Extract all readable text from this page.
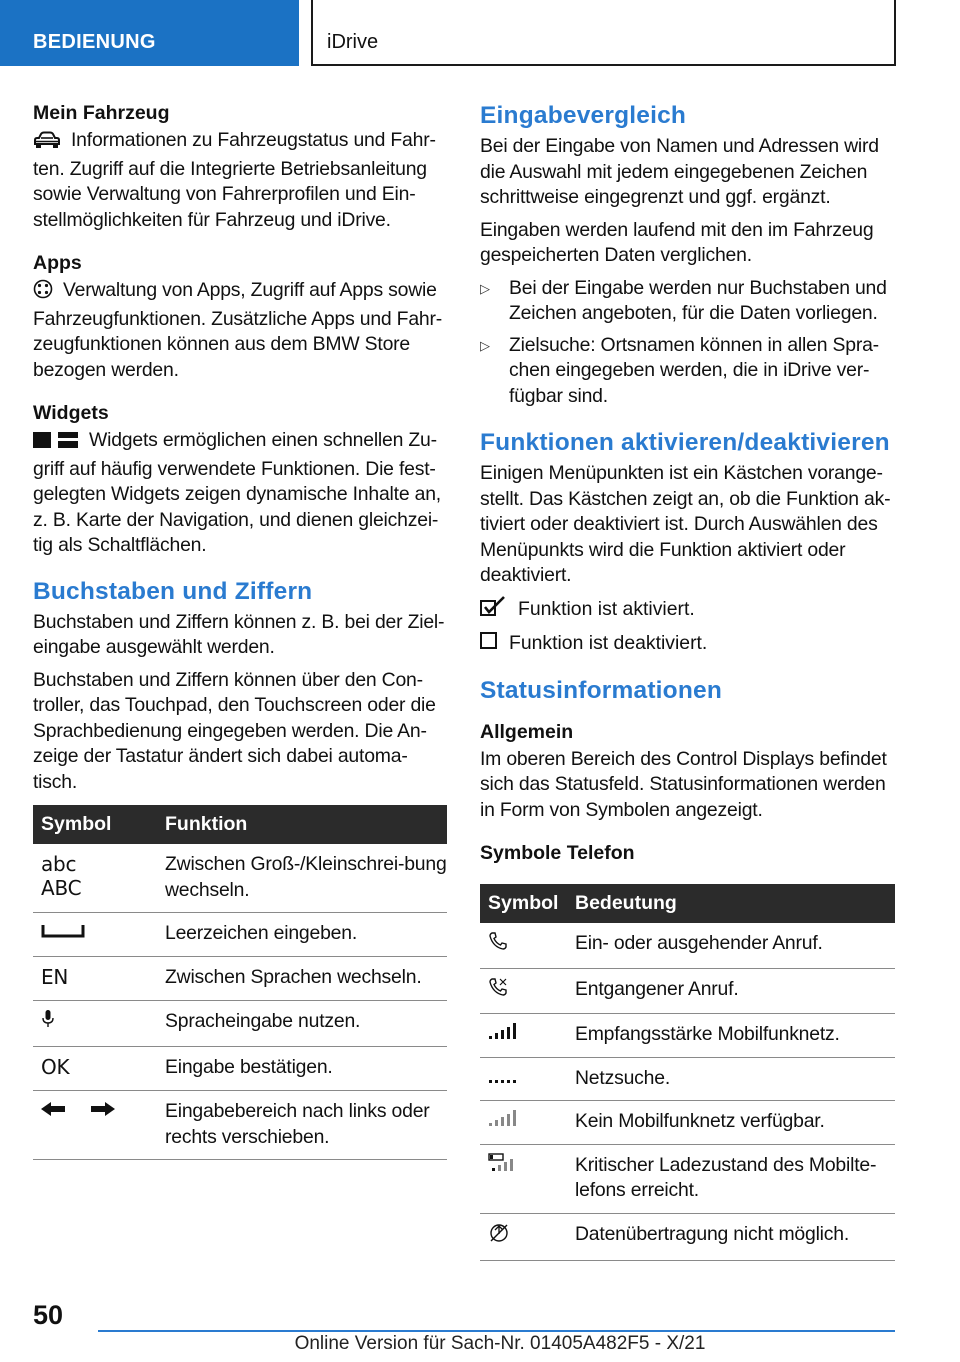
BEDIENUNG	iDrive
Mein Fahrzeug

Informationen zu Fahrzeugstatus und Fahr-ten. Zugriff auf die Integrierte Betriebsanleitung sowie Verwaltung von Fahrerprofilen und Ein-stellmöglichkeiten für Fahrzeug und iDrive.

Apps

Verwaltung von Apps, Zugriff auf Apps sowie Fahrzeugfunktionen. Zusätzliche Apps und Fahr-zeugfunktionen können aus dem BMW Store bezogen werden.

Widgets

Widgets ermöglichen einen schnellen Zu-griff auf häufig verwendete Funktionen. Die fest-gelegten Widgets zeigen dynamische Inhalte an, z. B. Karte der Navigation, und dienen gleichzei-tig als Schaltflächen.

Buchstaben und Ziffern

Buchstaben und Ziffern können z. B. bei der Ziel-eingabe ausgewählt werden.

Buchstaben und Ziffern können über den Con-troller, das Touchpad, den Touchscreen oder die Sprachbedienung eingegeben werden. Die An-zeige der Tastatur ändert sich dabei automa-tisch.

Symbol	Funktion

abc
ABC	Zwischen Groß-/Kleinschrei-bung wechseln.
	Leerzeichen eingeben.
EN	Zwischen Sprachen wechseln.
	Spracheingabe nutzen.
OK	Eingabe bestätigen.
	Eingabebereich nach links oder rechts verschieben.
Eingabevergleich

Bei der Eingabe von Namen und Adressen wird die Auswahl mit jedem eingegebenen Zeichen schrittweise eingegrenzt und ggf. ergänzt.

Eingaben werden laufend mit den im Fahrzeug gespeicherten Daten verglichen.

▷ Bei der Eingabe werden nur Buchstaben und Zeichen angeboten, für die Daten vorliegen.
▷ Zielsuche: Ortsnamen können in allen Spra-chen eingegeben werden, die in iDrive ver-fügbar sind.
Funktionen aktivieren/deaktivieren

Einigen Menüpunkten ist ein Kästchen vorange-stellt. Das Kästchen zeigt an, ob die Funktion ak-tiviert oder deaktiviert ist. Durch Auswählen des Menüpunkts wird die Funktion aktiviert oder deaktiviert.

Funktion ist aktiviert.
Funktion ist deaktiviert.
Statusinformationen
Allgemein

Im oberen Bereich des Control Displays befindet sich das Statusfeld. Statusinformationen werden in Form von Symbolen angezeigt.

Symbole Telefon
Symbol	Bedeutung
	Ein- oder ausgehender Anruf.
	Entgangener Anruf.
	Empfangsstärke Mobilfunknetz.
	Netzsuche.
	Kein Mobilfunknetz verfügbar.
	Kritischer Ladezustand des Mobilte-lefons erreicht.
	Datenübertragung nicht möglich.
50
Online Version für Sach-Nr. 01405A482F5 - X/21
